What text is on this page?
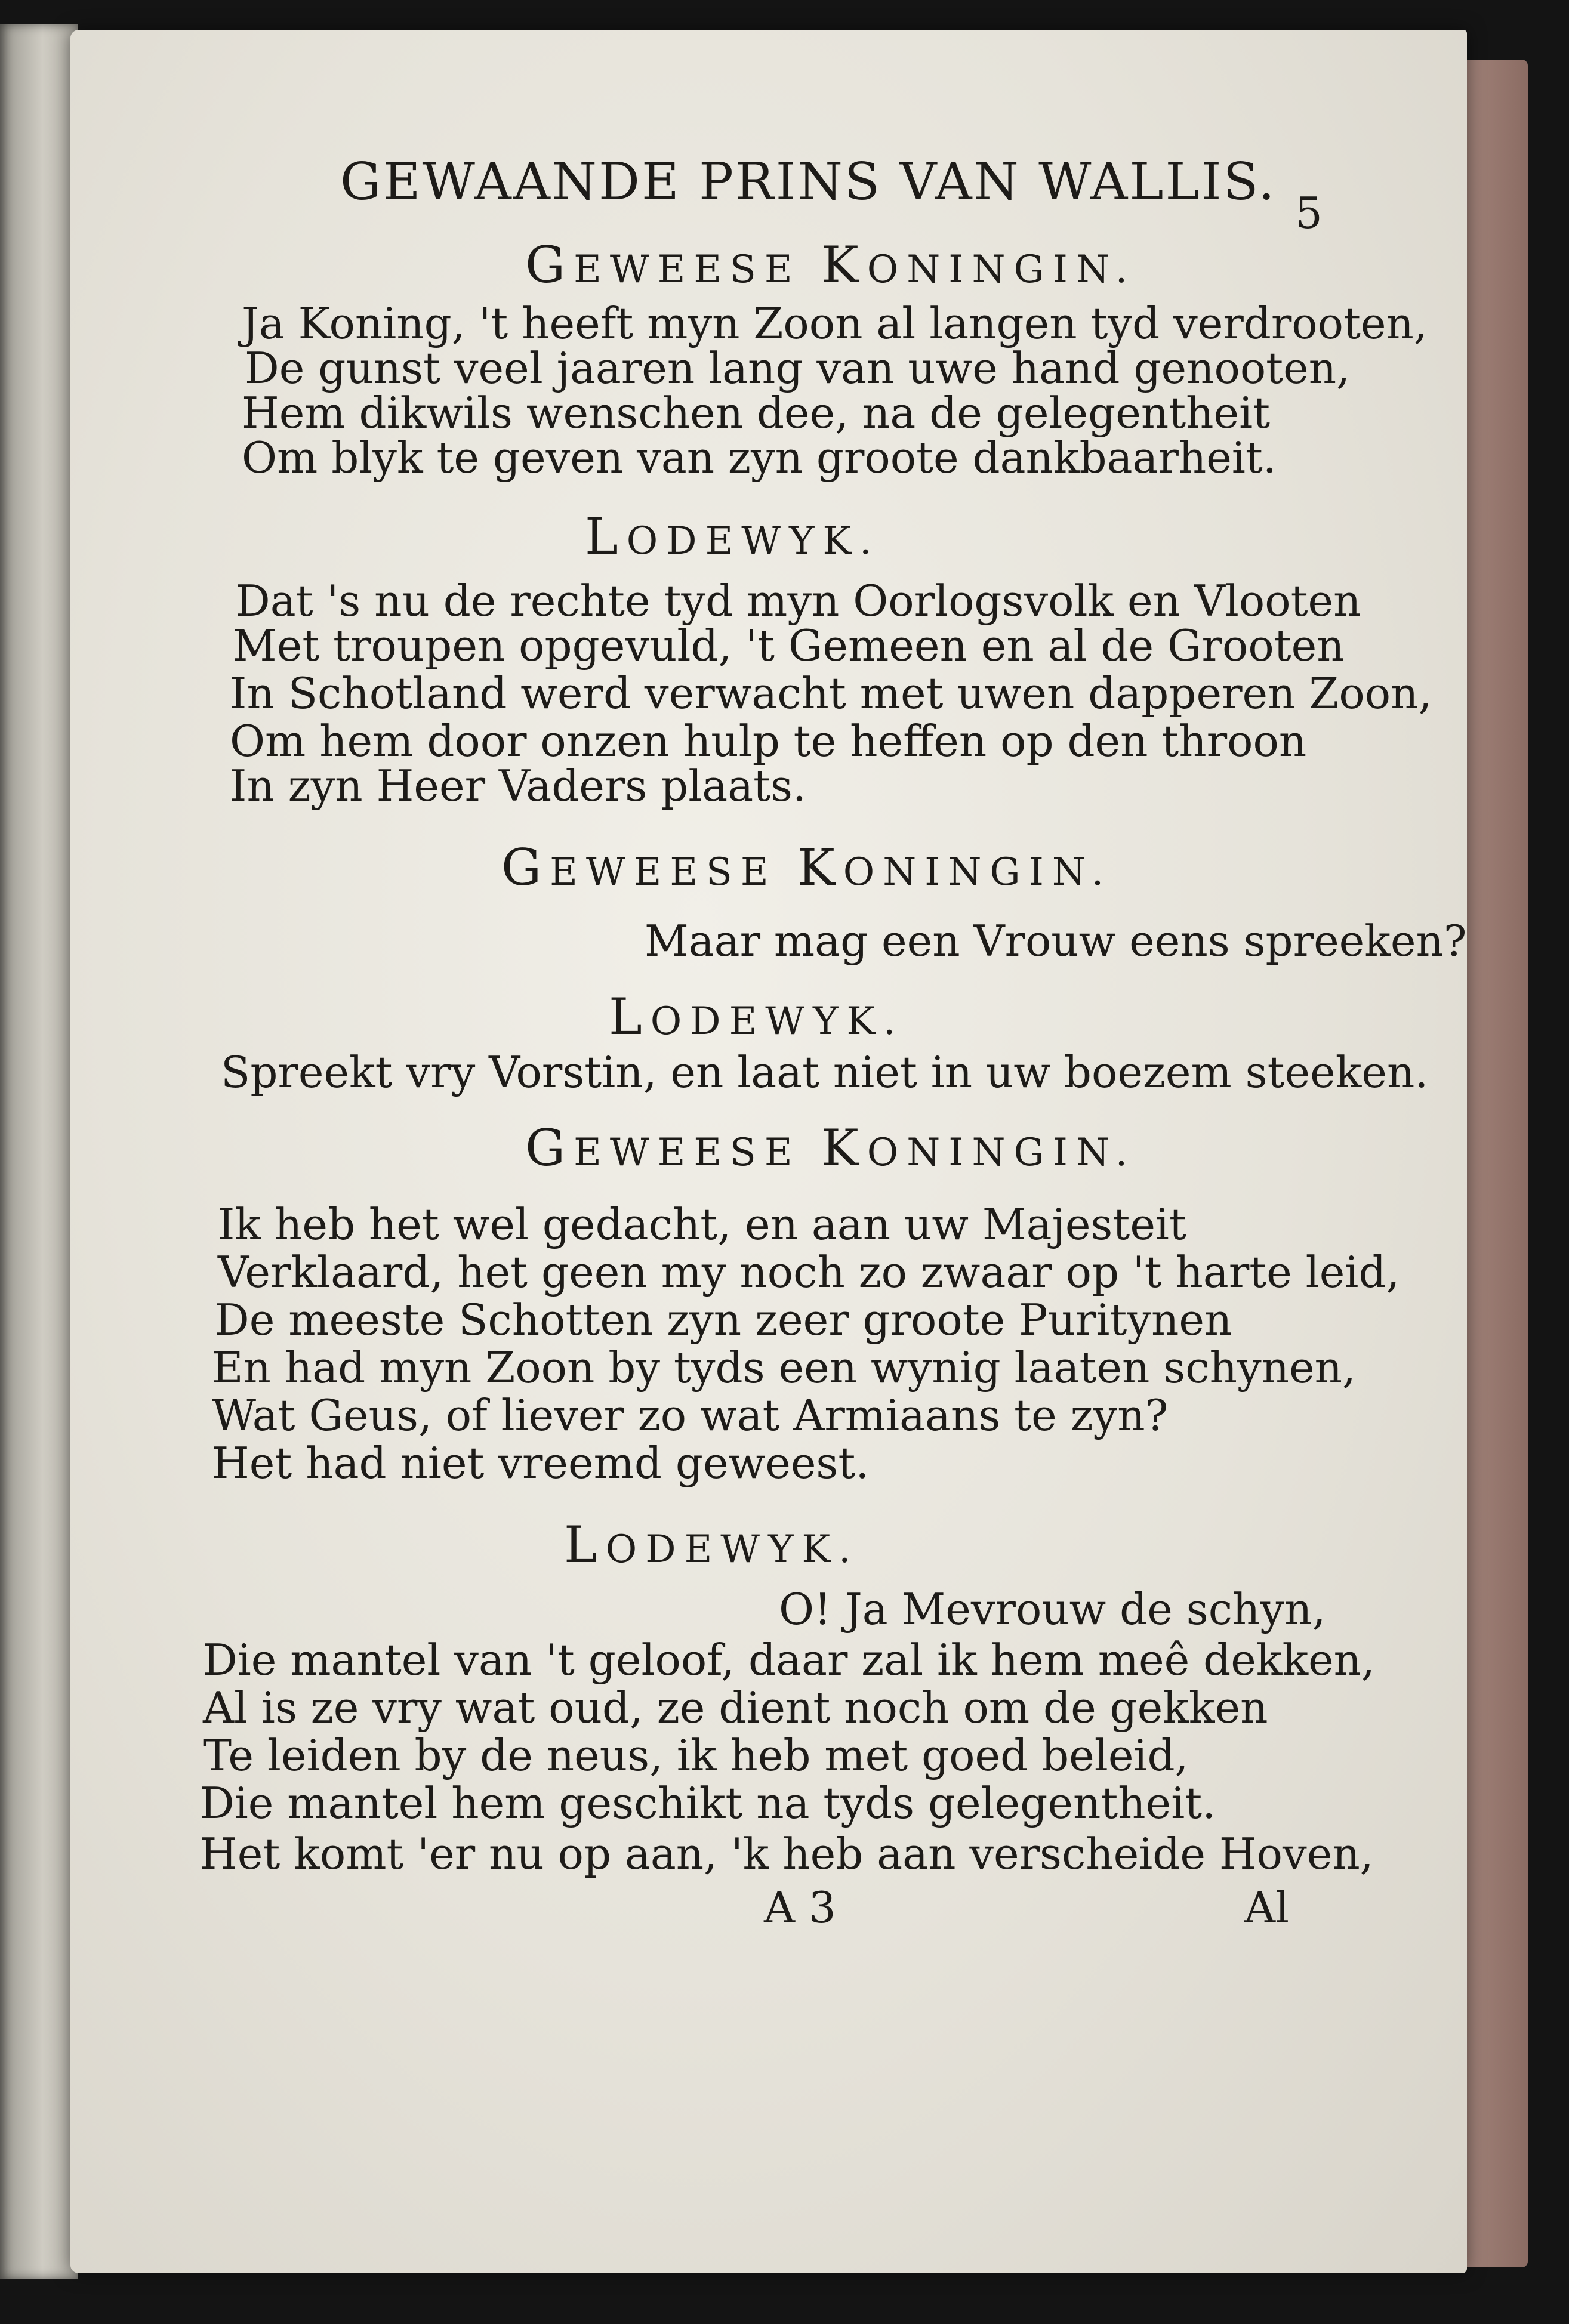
GEWAANDE PRINS VAN WALLIS.
5
GEWEESE KONINGIN.
Ja Koning, 't heeft myn Zoon al langen tyd verdrooten,
De gunst veel jaaren lang van uwe hand genooten,
Hem dikwils wenschen dee, na de gelegentheit
Om blyk te geven van zyn groote dankbaarheit.
LODEWYK.
Dat 's nu de rechte tyd myn Oorlogsvolk en Vlooten
Met troupen opgevuld, 't Gemeen en al de Grooten
In Schotland werd verwacht met uwen dapperen Zoon,
Om hem door onzen hulp te heffen op den throon
In zyn Heer Vaders plaats.
GEWEESE KONINGIN.
Maar mag een Vrouw eens spreeken?
LODEWYK.
Spreekt vry Vorstin, en laat niet in uw boezem steeken.
GEWEESE KONINGIN.
Ik heb het wel gedacht, en aan uw Majesteit
Verklaard, het geen my noch zo zwaar op 't harte leid,
De meeste Schotten zyn zeer groote Puritynen
En had myn Zoon by tyds een wynig laaten schynen,
Wat Geus, of liever zo wat Armiaans te zyn?
Het had niet vreemd geweest.
LODEWYK.
O! Ja Mevrouw de schyn,
Die mantel van 't geloof, daar zal ik hem meê dekken,
Al is ze vry wat oud, ze dient noch om de gekken
Te leiden by de neus, ik heb met goed beleid,
Die mantel hem geschikt na tyds gelegentheit.
Het komt 'er nu op aan, 'k heb aan verscheide Hoven,
A 3	Al
